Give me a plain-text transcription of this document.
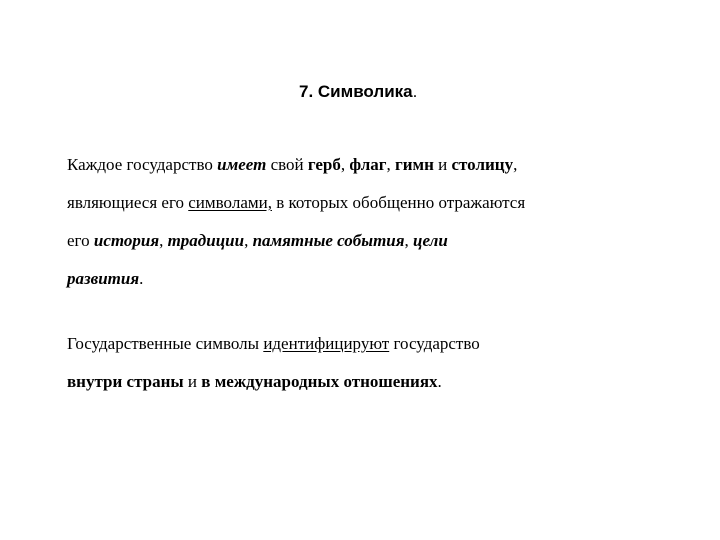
7. Символика.

Каждое государство имеет свой герб, флаг, гимн и столицу,
являющиеся его символами, в которых обобщенно отражаются
его история, традиции, памятные события, цели
развития.

Государственные символы идентифицируют государство
внутри страны и в международных отношениях.
